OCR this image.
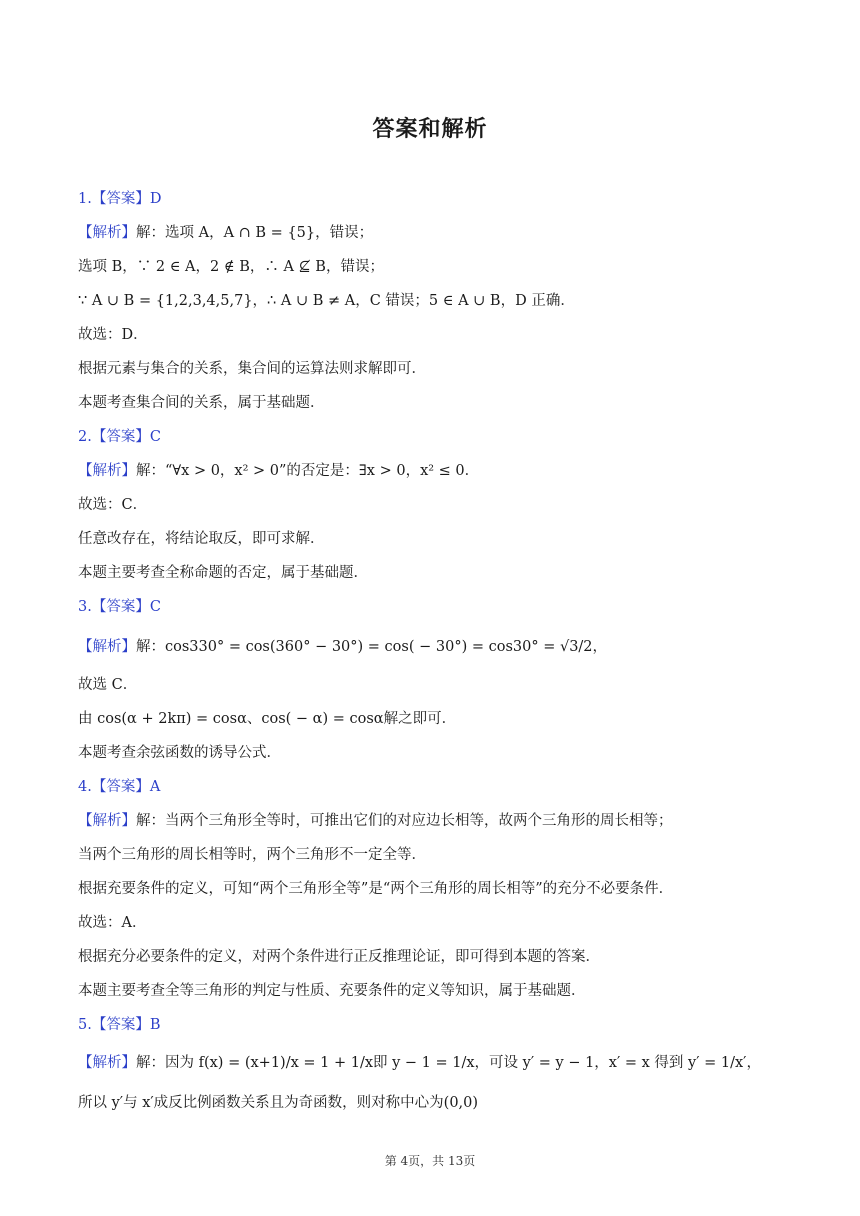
答案和解析
1.【答案】D
【解析】解：选项 A，A ∩ B = {5}，错误；
选项 B，∵ 2 ∈ A，2 ∉ B，∴ A ⊈ B，错误；
∵ A ∪ B = {1,2,3,4,5,7}，∴ A ∪ B ≠ A，C 错误；5 ∈ A ∪ B，D 正确．
故选：D．
根据元素与集合的关系，集合间的运算法则求解即可．
本题考查集合间的关系，属于基础题．
2.【答案】C
【解析】解：“∀x > 0，x² > 0”的否定是：∃x > 0，x² ≤ 0．
故选：C．
任意改存在，将结论取反，即可求解．
本题主要考查全称命题的否定，属于基础题．
3.【答案】C
【解析】解：cos330° = cos(360° − 30°) = cos( − 30°) = cos30° = √3/2，
故选 C．
由 cos(α + 2kπ) = cosα、cos( − α) = cosα解之即可．
本题考查余弦函数的诱导公式．
4.【答案】A
【解析】解：当两个三角形全等时，可推出它们的对应边长相等，故两个三角形的周长相等；
当两个三角形的周长相等时，两个三角形不一定全等．
根据充要条件的定义，可知“两个三角形全等”是“两个三角形的周长相等”的充分不必要条件．
故选：A．
根据充分必要条件的定义，对两个条件进行正反推理论证，即可得到本题的答案．
本题主要考查全等三角形的判定与性质、充要条件的定义等知识，属于基础题．
5.【答案】B
【解析】解：因为 f(x) = (x+1)/x = 1 + 1/x即 y − 1 = 1/x，可设 y′ = y − 1，x′ = x 得到 y′ = 1/x′，
所以 y′与 x′成反比例函数关系且为奇函数，则对称中心为(0,0)
第 4页，共 13页
